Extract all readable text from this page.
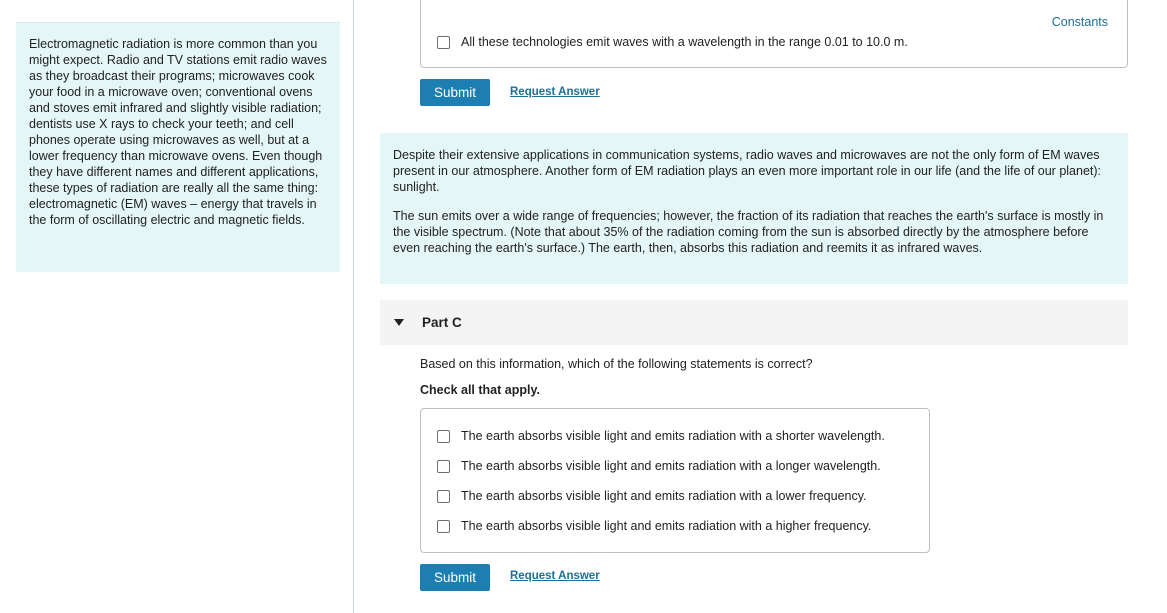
Electromagnetic radiation is more common than you might expect. Radio and TV stations emit radio waves as they broadcast their programs; microwaves cook your food in a microwave oven; conventional ovens and stoves emit infrared and slightly visible radiation; dentists use X rays to check your teeth; and cell phones operate using microwaves as well, but at a lower frequency than microwave ovens. Even though they have different names and different applications, these types of radiation are really all the same thing: electromagnetic (EM) waves – energy that travels in the form of oscillating electric and magnetic fields.
Constants
All these technologies emit waves with a wavelength in the range 0.01 to 10.0 m.
Submit	Request Answer

Despite their extensive applications in communication systems, radio waves and microwaves are not the only form of EM waves present in our atmosphere. Another form of EM radiation plays an even more important role in our life (and the life of our planet): sunlight.

The sun emits over a wide range of frequencies; however, the fraction of its radiation that reaches the earth's surface is mostly in the visible spectrum. (Note that about 35% of the radiation coming from the sun is absorbed directly by the atmosphere before even reaching the earth's surface.) The earth, then, absorbs this radiation and reemits it as infrared waves.

Part C
Based on this information, which of the following statements is correct?
Check all that apply.
The earth absorbs visible light and emits radiation with a shorter wavelength.
The earth absorbs visible light and emits radiation with a longer wavelength.
The earth absorbs visible light and emits radiation with a lower frequency.
The earth absorbs visible light and emits radiation with a higher frequency.
Submit	Request Answer
